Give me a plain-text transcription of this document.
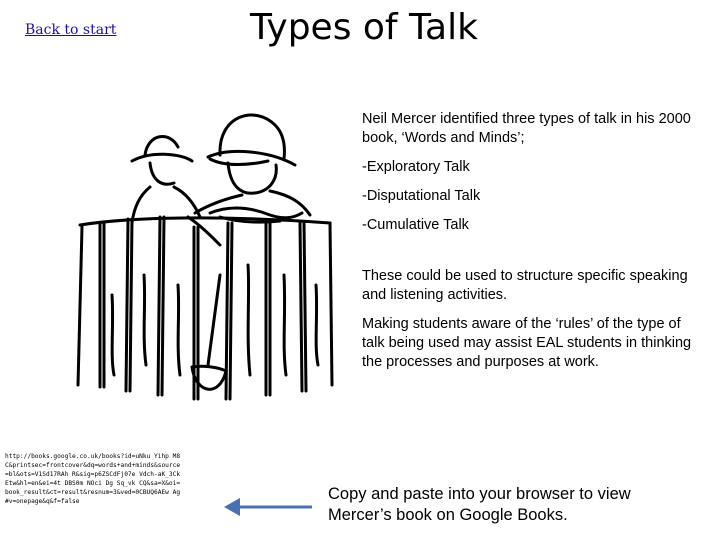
Back to start	Types of Talk

Neil Mercer identified three types of talk in his 2000 book, ‘Words and Minds’;

-Exploratory Talk

-Disputational Talk

-Cumulative Talk

These could be used to structure specific speaking and listening activities.

Making students aware of the ‘rules’ of the type of talk being used may assist EAL students in thinking the processes and purposes at work.

http://books.google.co.uk/books?id=uNku Yihp M8 C&printsec=frontcover&dq=words+and+minds&source=bl&ots=V1Sd17RAh R&sig=p6ZSCdFj07e Vdch-aK_3CkEtw&hl=en&ei=4t DBS0m NOci Dg Sq_vk CQ&sa=X&oi=book_result&ct=result&resnum=3&ved=0CBUQ6AEw Ag#v=onepage&q&f=false	Copy and paste into your browser to view Mercer’s book on Google Books.
